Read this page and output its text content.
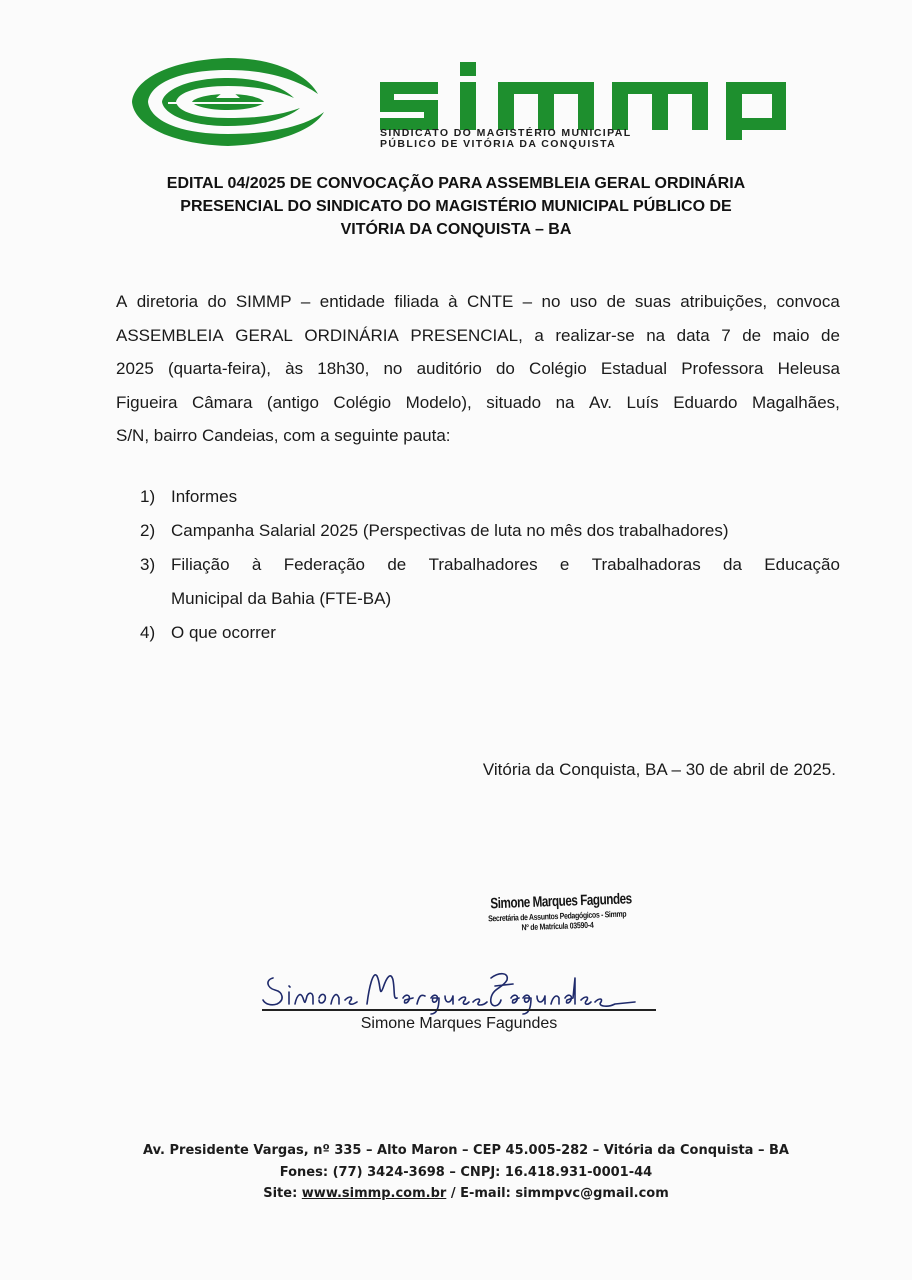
SINDICATO DO MAGISTÉRIO MUNICIPAL
PÚBLICO DE VITÓRIA DA CONQUISTA
EDITAL 04/2025 DE CONVOCAÇÃO PARA ASSEMBLEIA GERAL ORDINÁRIA
PRESENCIAL DO SINDICATO DO MAGISTÉRIO MUNICIPAL PÚBLICO DE
VITÓRIA DA CONQUISTA – BA
A diretoria do SIMMP – entidade filiada à CNTE – no uso de suas atribuições, convoca
ASSEMBLEIA GERAL ORDINÁRIA PRESENCIAL, a realizar-se na data 7 de maio de
2025 (quarta-feira), às 18h30, no auditório do Colégio Estadual Professora Heleusa
Figueira Câmara (antigo Colégio Modelo), situado na Av. Luís Eduardo Magalhães,
S/N, bairro Candeias, com a seguinte pauta:
1) Informes
2) Campanha Salarial 2025 (Perspectivas de luta no mês dos trabalhadores)
3) Filiação à Federação de Trabalhadores e Trabalhadoras da Educação
Municipal da Bahia (FTE-BA)
4) O que ocorrer
Vitória da Conquista, BA – 30 de abril de 2025.
Simone Marques Fagundes
Secretária de Assuntos Pedagógicos - Simmp
Nº de Matrícula 03590-4
Simone Marques Fagundes
Av. Presidente Vargas, nº 335 – Alto Maron – CEP 45.005-282 – Vitória da Conquista – BA
Fones: (77) 3424-3698 – CNPJ: 16.418.931-0001-44
Site: www.simmp.com.br / E-mail: simmpvc@gmail.com
